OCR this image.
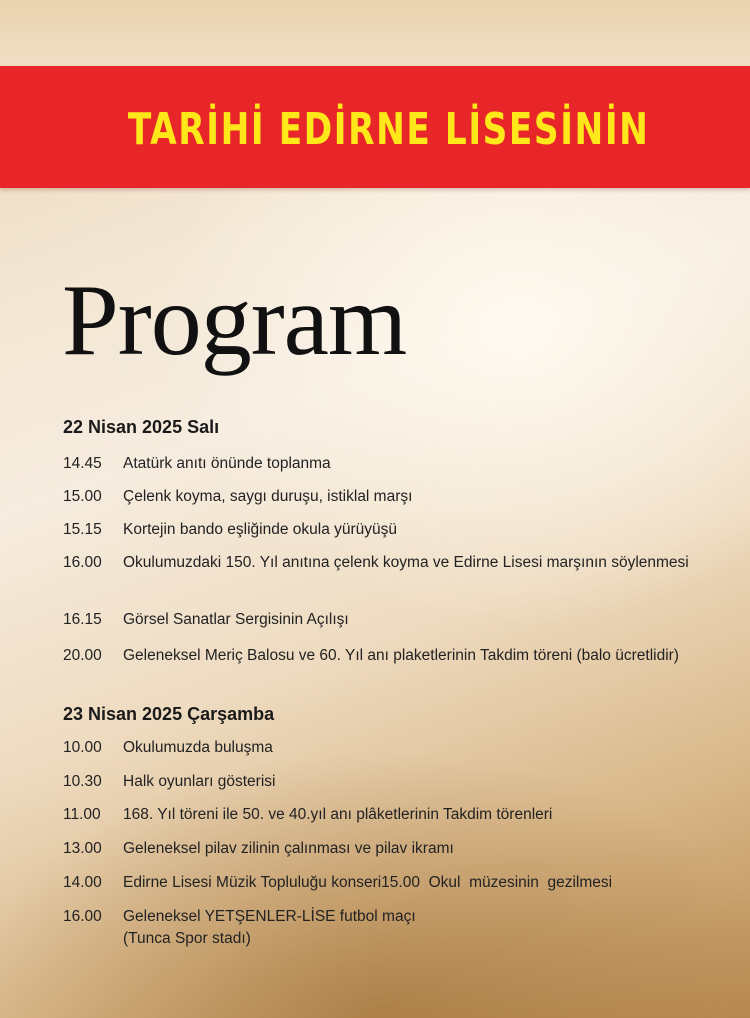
TARİHİ EDİRNE LİSESİNİN
Program
22 Nisan 2025 Salı
14.45	Atatürk anıtı önünde toplanma
15.00	Çelenk koyma, saygı duruşu, istiklal marşı
15.15	Kortejin bando eşliğinde okula yürüyüşü
16.00	Okulumuzdaki 150. Yıl anıtına çelenk koyma ve Edirne Lisesi marşının söylenmesi
16.15	Görsel Sanatlar Sergisinin Açılışı
20.00	Geleneksel Meriç Balosu ve 60. Yıl anı plaketlerinin Takdim töreni (balo ücretlidir)
23 Nisan 2025 Çarşamba
10.00	Okulumuzda buluşma
10.30	Halk oyunları gösterisi
11.00	168. Yıl töreni ile 50. ve 40.yıl anı plâketlerinin Takdim törenleri
13.00	Geleneksel pilav zilinin çalınması ve pilav ikramı
14.00	Edirne Lisesi Müzik Topluluğu konseri15.00  Okul  müzesinin  gezilmesi
16.00	Geleneksel YETŞENLER-LİSE futbol maçı (Tunca Spor stadı)
